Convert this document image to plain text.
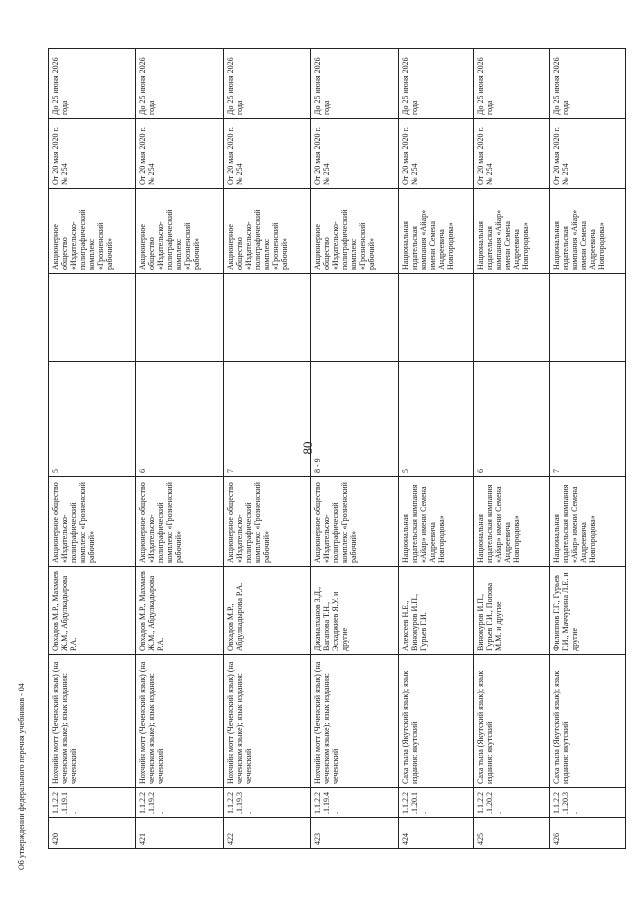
80
Об утверждении федерального перечня учебников - 04	420	1.1.2.2.1.19.1.	Нохчийн мотт (Чеченский язык) (на чеченском языке); язык издания: чеченский	Овхадов М.Р., Махмаев Ж.М., Абдулкадырова Р.А.	Акционерное общество «Издательско-полиграфический комплекс «Грозненский рабочий»	5		Акционерное общество «Издательско-полиграфический комплекс «Грозненский рабочий»	От 20 мая 2020 г. № 254	До 25 июня 2026 года
421	1.1.2.2.1.19.2.	Нохчийн мотт (Чеченский язык) (на чеченском языке); язык издания: чеченский	Овхадов М.Р., Махмаев Ж.М., Абдулкадырова Р.А.	Акционерное общество «Издательско-полиграфический комплекс «Грозненский рабочий»	6		Акционерное общество «Издательско-полиграфический комплекс «Грозненский рабочий»	От 20 мая 2020 г. № 254	До 25 июня 2026 года
422	1.1.2.2.1.19.3.	Нохчийн мотт (Чеченский язык) (на чеченском языке); язык издания: чеченский	Овхадов М.Р., Абдулкадырова Р.А.	Акционерное общество «Издательско-полиграфический комплекс «Грозненский рабочий»	7		Акционерное общество «Издательско-полиграфический комплекс «Грозненский рабочий»	От 20 мая 2020 г. № 254	До 25 июня 2026 года
423	1.1.2.2.1.19.4.	Нохчийн мотт (Чеченский язык) (на чеченском языке); язык издания: чеченский	Джамалханов З.Д., Вагапова Т.Н., Эсхаджиев Я.У. и другие	Акционерное общество «Издательско-полиграфический комплекс «Грозненский рабочий»	8 - 9		Акционерное общество «Издательско-полиграфический комплекс «Грозненский рабочий»	От 20 мая 2020 г. № 254	До 25 июня 2026 года
424	1.1.2.2.1.20.1.	Саха тыла (Якутский язык); язык издания: якутский	Алексеев Н.Е., Винокуров И.П., Гурьев Г.И.	Национальная издательская компания «Айар» имени Семена Андреевича Новгородова»	5		Национальная издательская компания «Айар» имени Семена Андреевича Новгородова»	От 20 мая 2020 г. № 254	До 25 июня 2026 года
425	1.1.2.2.1.20.2.	Саха тыла (Якутский язык); язык издания: якутский	Винокуров И.П., Гурьев Г.И., Попова М.М. и другие	Национальная издательская компания «Айар» имени Семена Андреевича Новгородова»	6		Национальная издательская компания «Айар» имени Семена Андреевича Новгородова»	От 20 мая 2020 г. № 254	До 25 июня 2026 года
426	1.1.2.2.1.20.3.	Саха тыла (Якутский язык); язык издания: якутский	Филиппов Г.Г., Гурьев Г.И., Маччурина Л.Е. и другие	Национальная издательская компания «Айар» имени Семена Андреевича Новгородова»	7		Национальная издательская компания «Айар» имени Семена Андреевича Новгородова»	От 20 мая 2020 г. № 254	До 25 июня 2026 года
